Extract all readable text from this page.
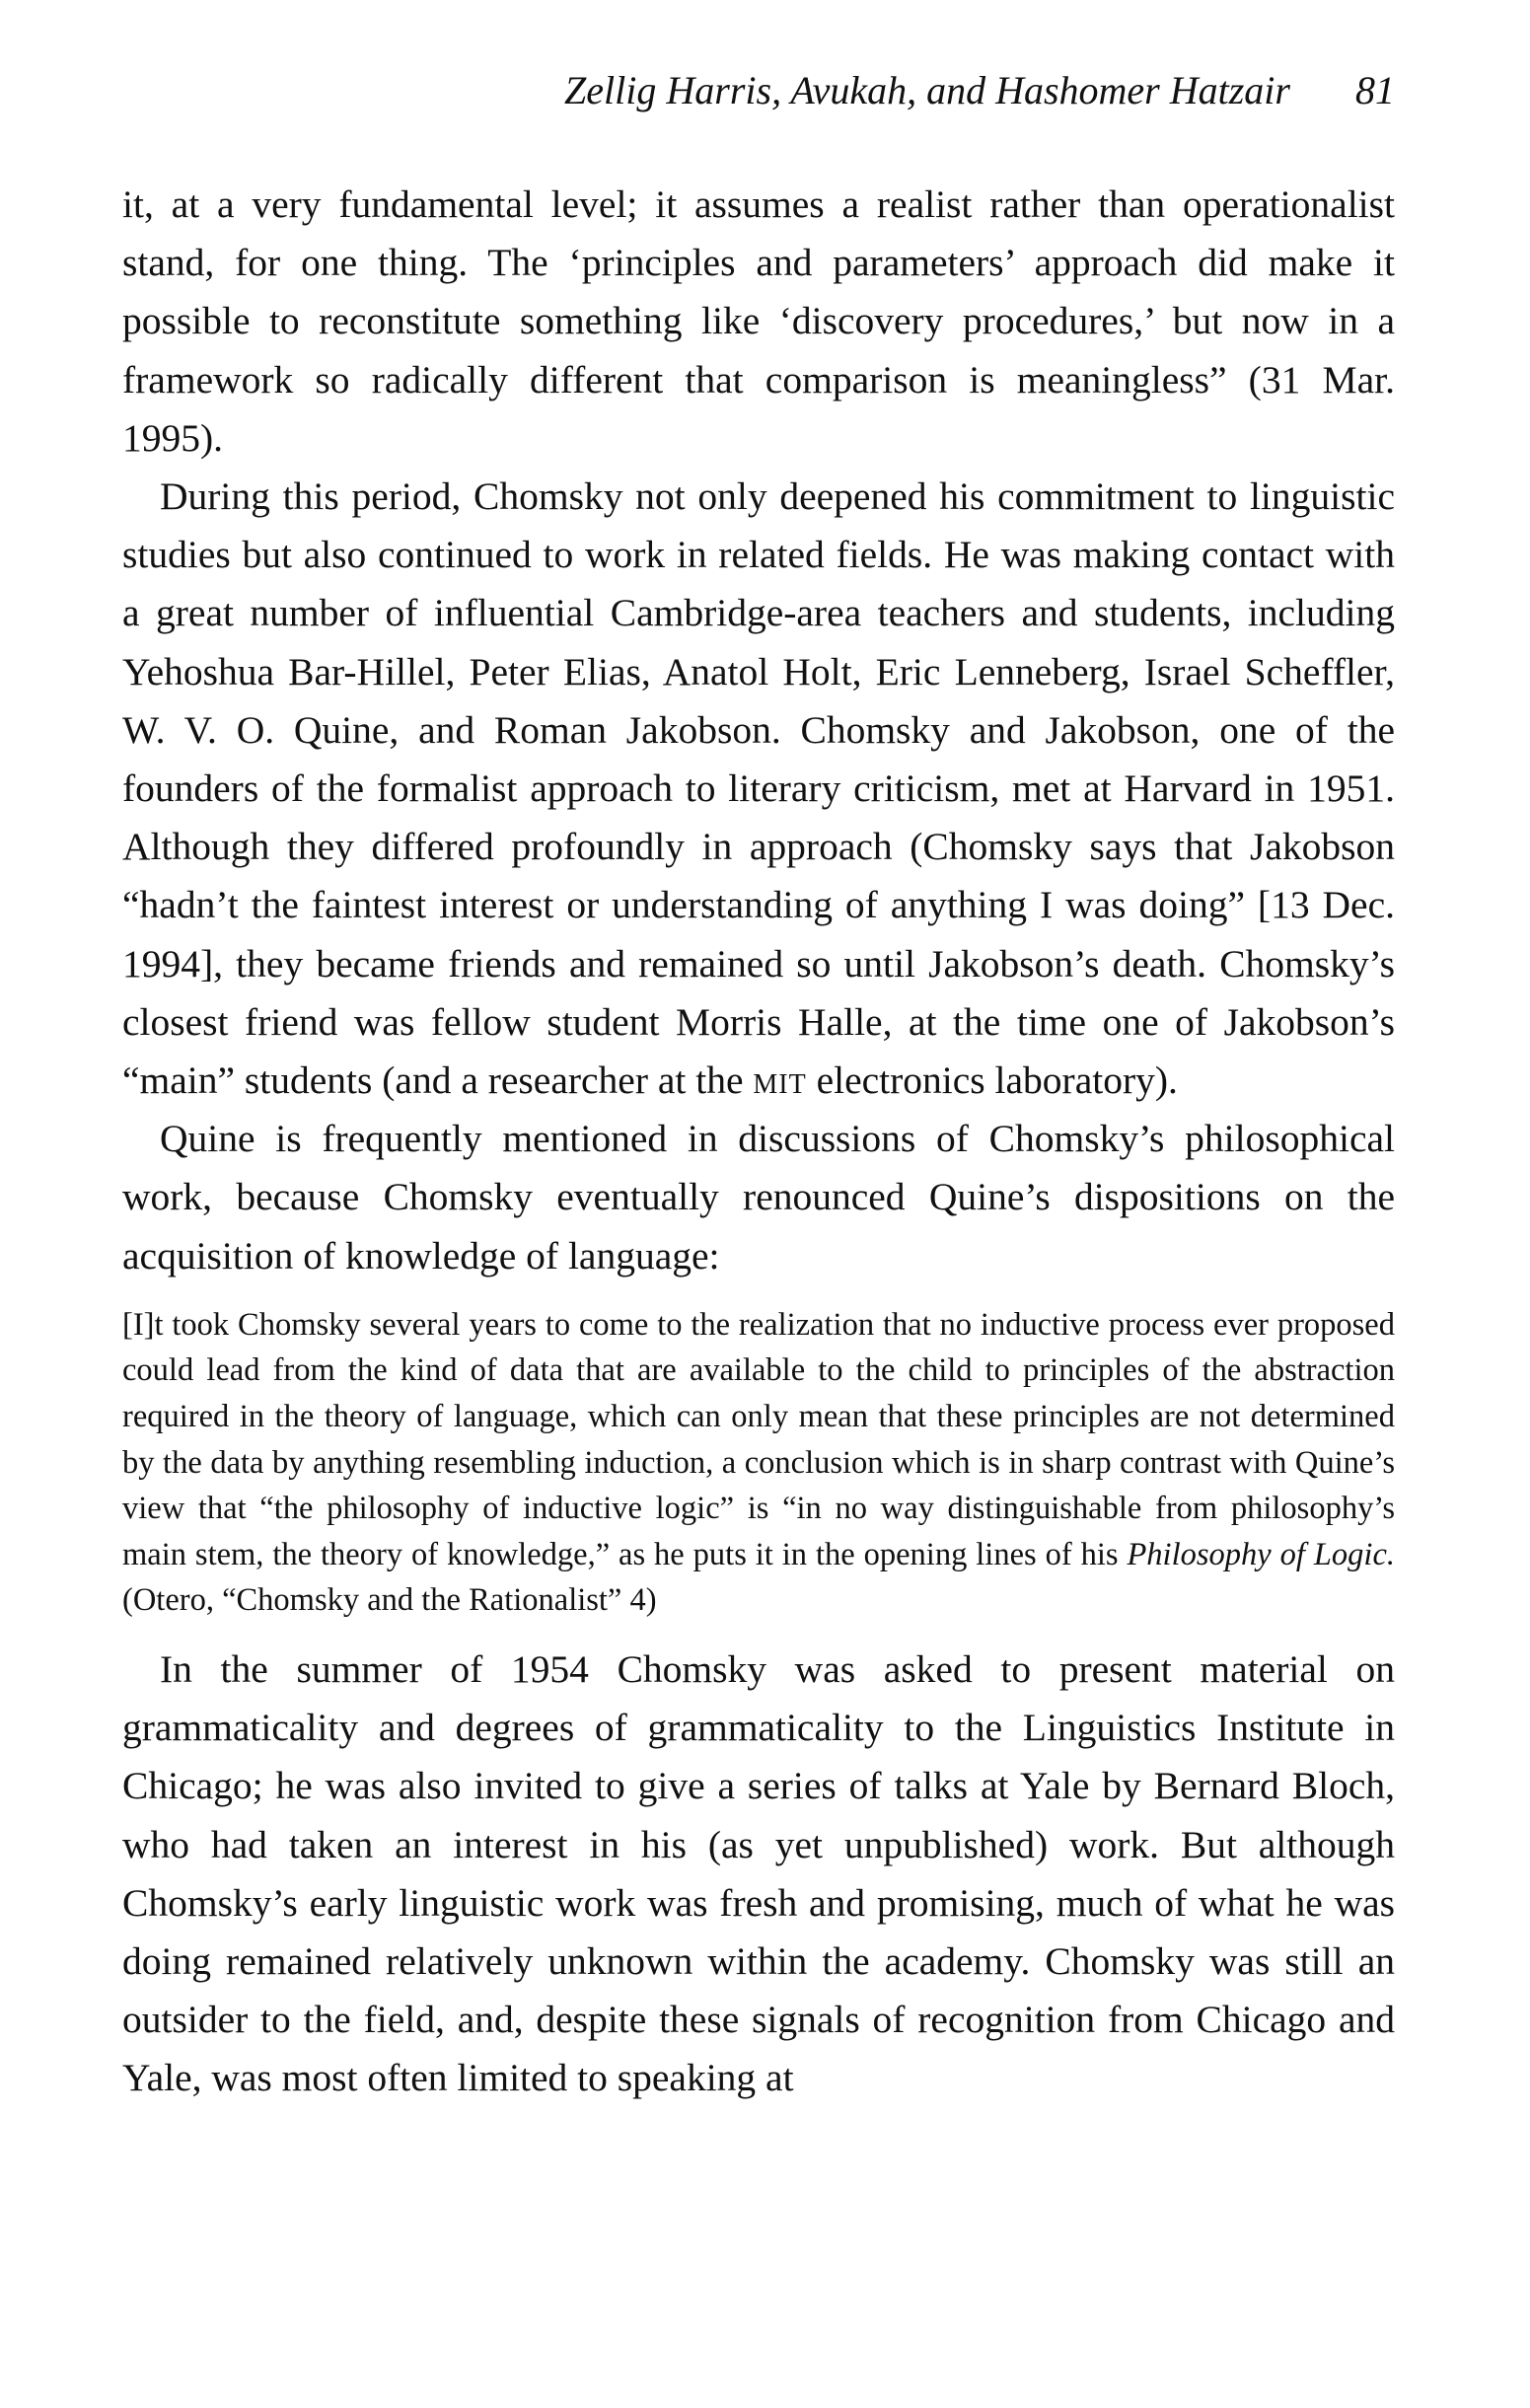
Zellig Harris, Avukah, and Hashomer Hatzair 81

it, at a very fundamental level; it assumes a realist rather than operationalist stand, for one thing. The ‘principles and parameters’ approach did make it possible to reconstitute something like ‘discovery procedures,’ but now in a framework so radically different that comparison is meaningless” (31 Mar. 1995).

During this period, Chomsky not only deepened his commitment to linguistic studies but also continued to work in related fields. He was making contact with a great number of influential Cambridge-area teachers and students, including Yehoshua Bar-Hillel, Peter Elias, Anatol Holt, Eric Lenneberg, Israel Scheffler, W. V. O. Quine, and Roman Jakobson. Chomsky and Jakobson, one of the founders of the formalist approach to literary criticism, met at Harvard in 1951. Although they differed profoundly in approach (Chomsky says that Jakobson “hadn’t the faintest interest or understanding of anything I was doing” [13 Dec. 1994], they became friends and remained so until Jakobson’s death. Chomsky’s closest friend was fellow student Morris Halle, at the time one of Jakobson’s “main” students (and a researcher at the mit electronics laboratory).

Quine is frequently mentioned in discussions of Chomsky’s philosophical work, because Chomsky eventually renounced Quine’s dispositions on the acquisition of knowledge of language:

[I]t took Chomsky several years to come to the realization that no inductive process ever proposed could lead from the kind of data that are available to the child to principles of the abstraction required in the theory of language, which can only mean that these principles are not determined by the data by anything resembling induction, a conclusion which is in sharp contrast with Quine’s view that “the philosophy of inductive logic” is “in no way distinguishable from philosophy’s main stem, the theory of knowledge,” as he puts it in the opening lines of his Philosophy of Logic. (Otero, “Chomsky and the Rationalist” 4)

In the summer of 1954 Chomsky was asked to present material on grammaticality and degrees of grammaticality to the Linguistics Institute in Chicago; he was also invited to give a series of talks at Yale by Bernard Bloch, who had taken an interest in his (as yet unpublished) work. But although Chomsky’s early linguistic work was fresh and promising, much of what he was doing remained relatively unknown within the academy. Chomsky was still an outsider to the field, and, despite these signals of recognition from Chicago and Yale, was most often limited to speaking at
